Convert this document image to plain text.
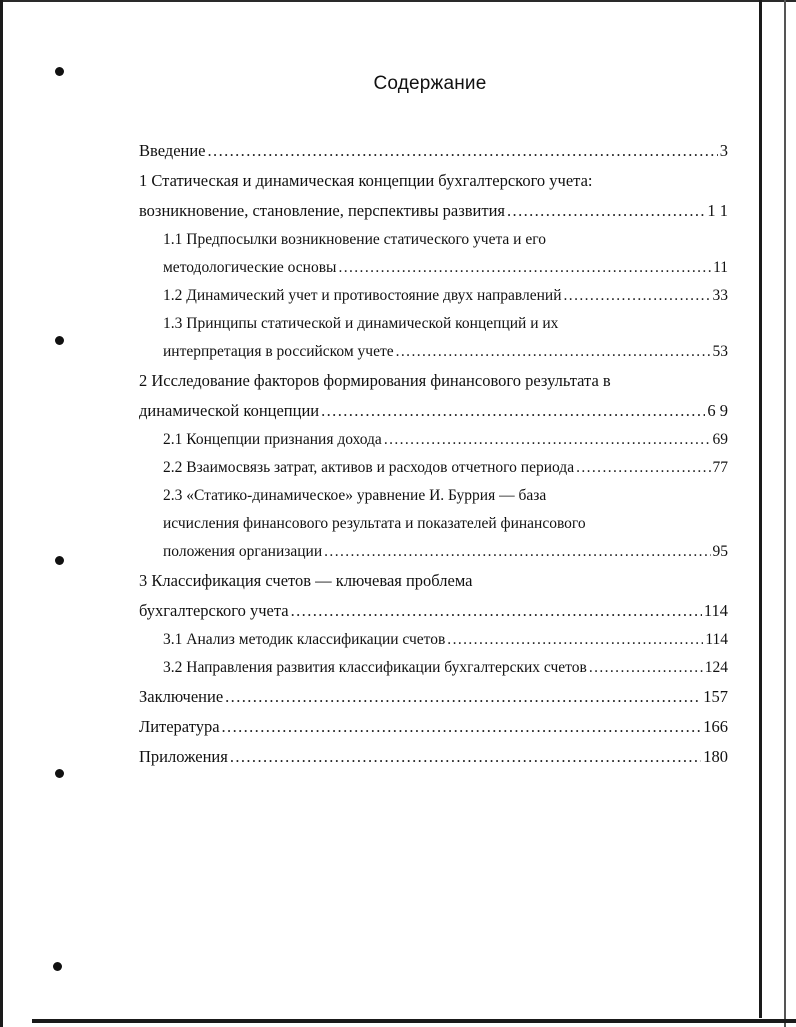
Содержание
Введение .....	3
1 Статическая и динамическая концепции бухгалтерского учета:
возникновение, становление, перспективы развития .....	1 1
1.1 Предпосылки возникновение статического учета и его
методологические основы .....	11
1.2 Динамический учет и противостояние двух направлений .....	33
1.3 Принципы статической и динамической концепций и их
интерпретация в российском учете .....	53
2 Исследование факторов формирования финансового результата в
динамической концепции .....	6 9
2.1 Концепции признания дохода .....	69
2.2 Взаимосвязь затрат, активов и расходов отчетного периода .....	77
2.3 «Статико-динамическое» уравнение И. Буррия — база
исчисления финансового результата и показателей финансового
положения организации .....	95
3 Классификация счетов — ключевая проблема
бухгалтерского учета .....	114
3.1 Анализ методик классификации счетов .....	114
3.2 Направления развития классификации бухгалтерских счетов .....	124
Заключение .....	157
Литература .....	166
Приложения .....	180
